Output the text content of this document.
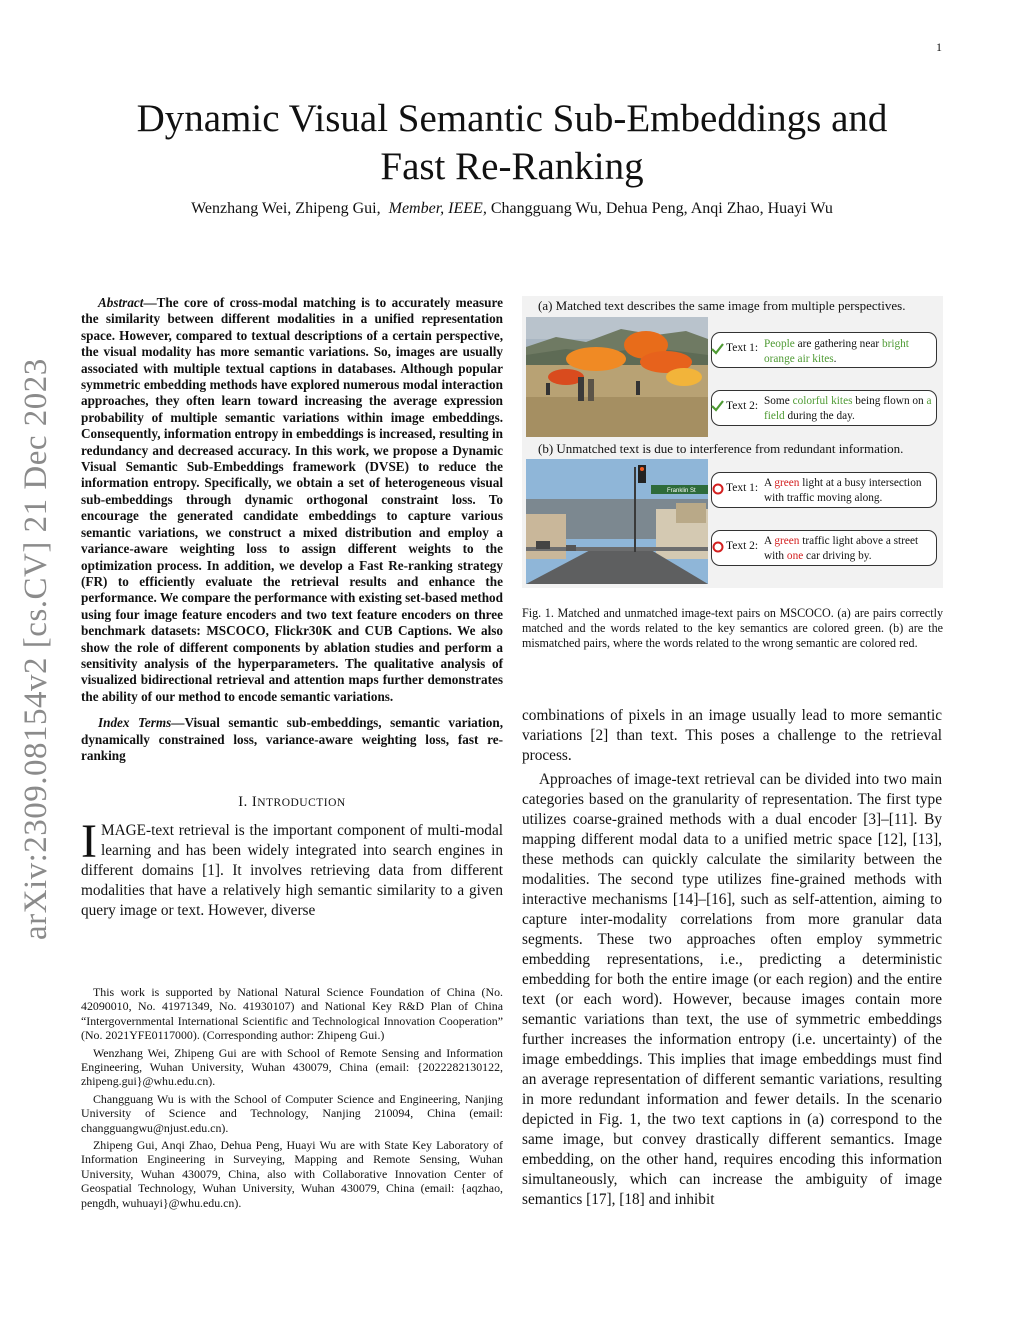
1
arXiv:2309.08154v2 [cs.CV] 21 Dec 2023
Dynamic Visual Semantic Sub-Embeddings and
Fast Re-Ranking
Wenzhang Wei, Zhipeng Gui, Member, IEEE, Changguang Wu, Dehua Peng, Anqi Zhao, Huayi Wu

Abstract—The core of cross-modal matching is to accurately measure the similarity between different modalities in a unified representation space. However, compared to textual descriptions of a certain perspective, the visual modality has more semantic variations. So, images are usually associated with multiple textual captions in databases. Although popular symmetric embedding methods have explored numerous modal interaction approaches, they often learn toward increasing the average expression probability of multiple semantic variations within image embeddings. Consequently, information entropy in embeddings is increased, resulting in redundancy and decreased accuracy. In this work, we propose a Dynamic Visual Semantic Sub-Embeddings framework (DVSE) to reduce the information entropy. Specifically, we obtain a set of heterogeneous visual sub-embeddings through dynamic orthogonal constraint loss. To encourage the generated candidate embeddings to capture various semantic variations, we construct a mixed distribution and employ a variance-aware weighting loss to assign different weights to the optimization process. In addition, we develop a Fast Re-ranking strategy (FR) to efficiently evaluate the retrieval results and enhance the performance. We compare the performance with existing set-based method using four image feature encoders and two text feature encoders on three benchmark datasets: MSCOCO, Flickr30K and CUB Captions. We also show the role of different components by ablation studies and perform a sensitivity analysis of the hyperparameters. The qualitative analysis of visualized bidirectional retrieval and attention maps further demonstrates the ability of our method to encode semantic variations.

Index Terms—Visual semantic sub-embeddings, semantic variation, dynamically constrained loss, variance-aware weighting loss, fast re-ranking

I. INTRODUCTION
I MAGE-text retrieval is the important component of multi-modal learning and has been widely integrated into search engines in different domains [1]. It involves retrieving data from different modalities that have a relatively high semantic similarity to a given query image or text. However, diverse

This work is supported by National Natural Science Foundation of China (No. 42090010, No. 41971349, No. 41930107) and National Key R&D Plan of China “Intergovernmental International Scientific and Technological Innovation Cooperation” (No. 2021YFE0117000). (Corresponding author: Zhipeng Gui.)

Wenzhang Wei, Zhipeng Gui are with School of Remote Sensing and Information Engineering, Wuhan University, Wuhan 430079, China (email: {2022282130122, zhipeng.gui}@whu.edu.cn).

Changguang Wu is with the School of Computer Science and Engineering, Nanjing University of Science and Technology, Nanjing 210094, China (email: changguangwu@njust.edu.cn).

Zhipeng Gui, Anqi Zhao, Dehua Peng, Huayi Wu are with State Key Laboratory of Information Engineering in Surveying, Mapping and Remote Sensing, Wuhan University, Wuhan 430079, China, also with Collaborative Innovation Center of Geospatial Technology, Wuhan University, Wuhan 430079, China (email: {aqzhao, pengdh, wuhuayi}@whu.edu.cn).

(a) Matched text describes the same image from multiple perspectives.
(b) Unmatched text is due to interference from redundant information.
Franklin St
Text 1: People are gathering near bright orange air kites.
Text 2: Some colorful kites being flown on a field during the day.
Text 1: A green light at a busy intersection with traffic moving along.
Text 2: A green traffic light above a street with one car driving by.
Fig. 1. Matched and unmatched image-text pairs on MSCOCO. (a) are pairs correctly matched and the words related to the key semantics are colored green. (b) are the mismatched pairs, where the words related to the wrong semantic are colored red.

combinations of pixels in an image usually lead to more semantic variations [2] than text. This poses a challenge to the retrieval process.

Approaches of image-text retrieval can be divided into two main categories based on the granularity of representation. The first type utilizes coarse-grained methods with a dual encoder [3]–[11]. By mapping different modal data to a unified metric space [12], [13], these methods can quickly calculate the similarity between the modalities. The second type utilizes fine-grained methods with interactive mechanisms [14]–[16], such as self-attention, aiming to capture inter-modality correlations from more granular data segments. These two approaches often employ symmetric embedding representations, i.e., predicting a deterministic embedding for both the entire image (or each region) and the entire text (or each word). However, because images contain more semantic variations than text, the use of symmetric embeddings further increases the information entropy (i.e. uncertainty) of the image embeddings. This implies that image embeddings must find an average representation of different semantic variations, resulting in more redundant information and fewer details. In the scenario depicted in Fig. 1, the two text captions in (a) correspond to the same image, but convey drastically different semantics. Image embedding, on the other hand, requires encoding this information simultaneously, which can increase the ambiguity of image semantics [17], [18] and inhibit
